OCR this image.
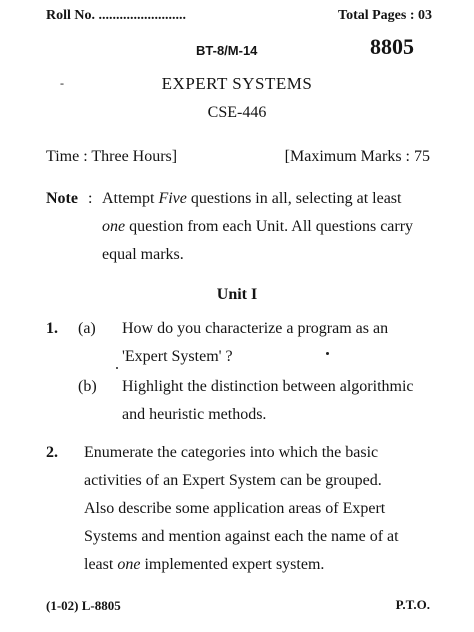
Roll No. .........................	Total Pages : 03
BT-8/M-14	8805
-	EXPERT SYSTEMS
CSE-446
Time : Three Hours]	[Maximum Marks : 75
Note : Attempt Five questions in all, selecting at least
one question from each Unit. All questions carry
equal marks.
Unit I
1. (a) How do you characterize a program as an
'Expert System' ?
(b) Highlight the distinction between algorithmic
and heuristic methods.
2. Enumerate the categories into which the basic
activities of an Expert System can be grouped.
Also describe some application areas of Expert
Systems and mention against each the name of at
least one implemented expert system.
(1-02) L-8805	P.T.O.
